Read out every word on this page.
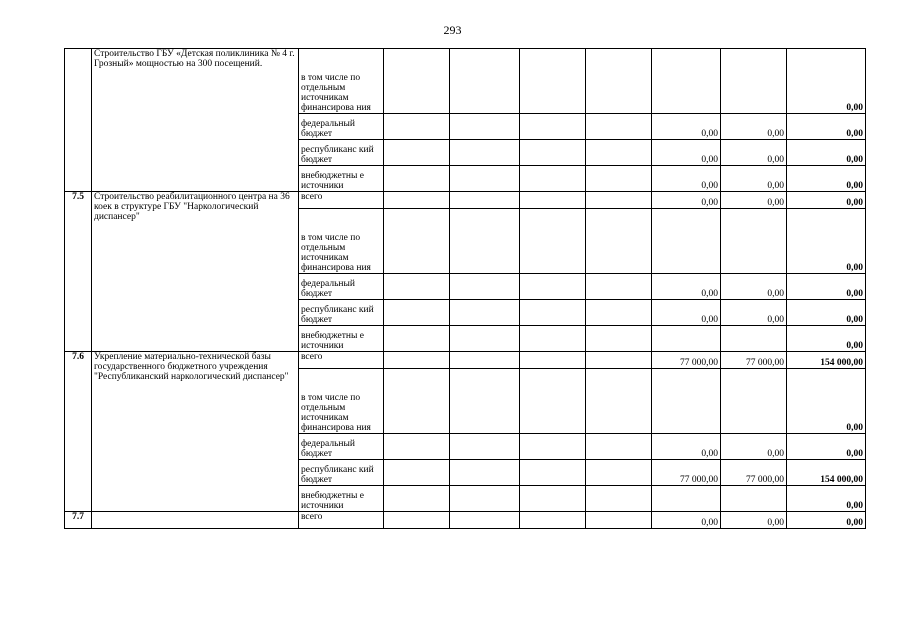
293
	Строительство ГБУ «Детская поликлиника № 4 г. Грозный» мощностью на 300 посещений.	в том числе по отдельным источникам финансирова ния							0,00
		федеральный бюджет					0,00	0,00	0,00
		республиканс кий бюджет					0,00	0,00	0,00
		внебюджетны е источники					0,00	0,00	0,00
7.5	Строительство реабилитационного центра на 36 коек в структуре ГБУ "Наркологический диспансер"	всего					0,00	0,00	0,00
		в том числе по отдельным источникам финансирова ния							0,00
		федеральный бюджет					0,00	0,00	0,00
		республиканс кий бюджет					0,00	0,00	0,00
		внебюджетны е источники							0,00
7.6	Укрепление материально-технической базы государственного бюджетного учреждения "Республиканский наркологический диспансер"	всего					77 000,00	77 000,00	154 000,00
		в том числе по отдельным источникам финансирова ния							0,00
		федеральный бюджет					0,00	0,00	0,00
		республиканс кий бюджет					77 000,00	77 000,00	154 000,00
		внебюджетны е источники							0,00
7.7		всего					0,00	0,00	0,00
